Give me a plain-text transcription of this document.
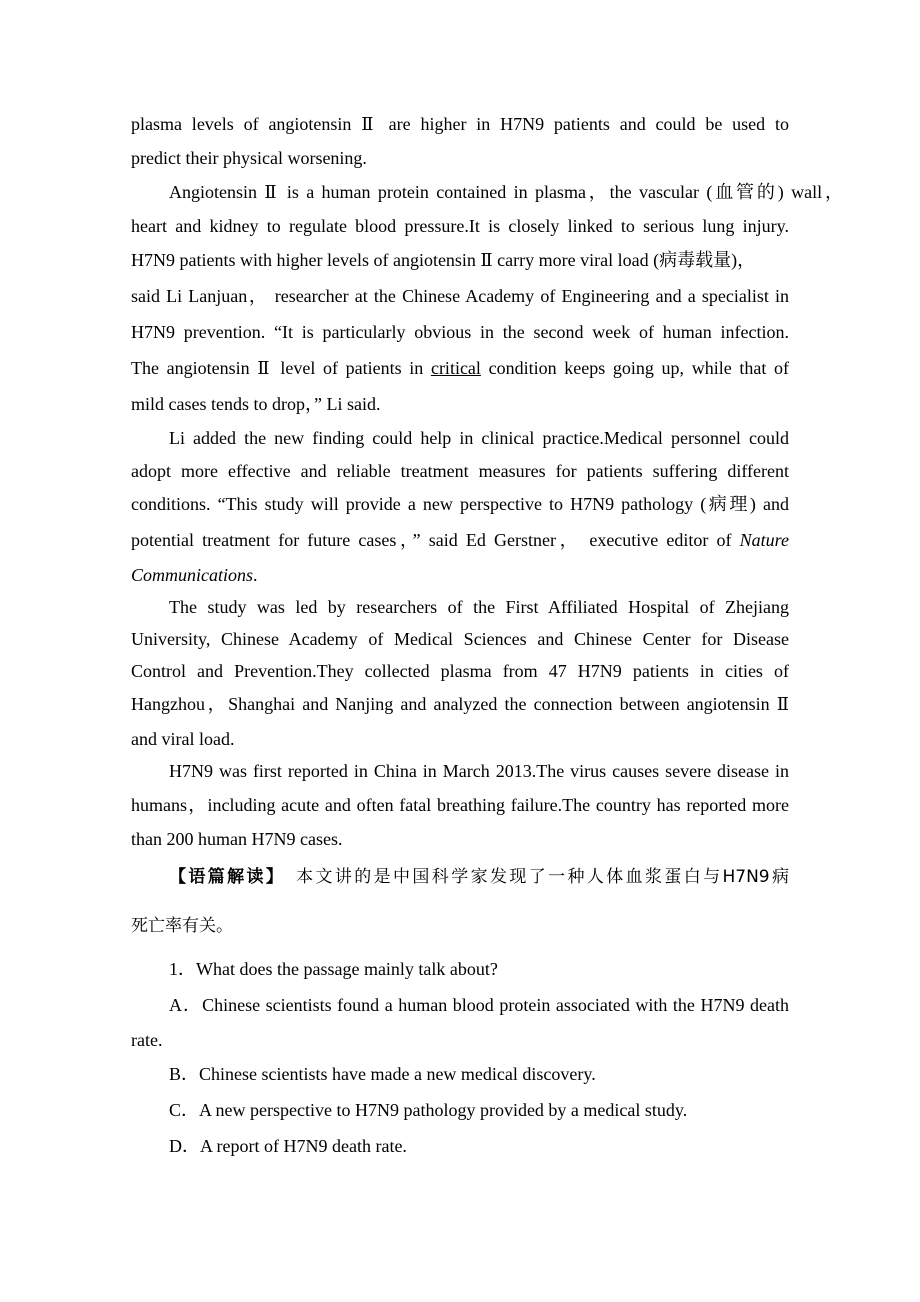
plasma levels of angiotensin Ⅱ are higher in H7N9 patients and could be used to
predict their physical worsening.
Angiotensin Ⅱ is a human protein contained in plasma，the vascular (血管的) wall，
heart and kidney to regulate blood pressure.It is closely linked to serious lung injury.
H7N9 patients with higher levels of angiotensin Ⅱ carry more viral load (病毒载量)，
said Li Lanjuan， researcher at the Chinese Academy of Engineering and a specialist in
H7N9 prevention. “It is particularly obvious in the second week of human infection.
The angiotensin Ⅱ level of patients in critical condition keeps going up, while that of
mild cases tends to drop，” Li said.
Li added the new finding could help in clinical practice.Medical personnel could
adopt more effective and reliable treatment measures for patients suffering different
conditions. “This study will provide a new perspective to H7N9 pathology (病理) and
potential treatment for future cases，” said Ed Gerstner， executive editor of Nature
Communications.
The study was led by researchers of the First Affiliated Hospital of Zhejiang
University, Chinese Academy of Medical Sciences and Chinese Center for Disease
Control and Prevention.They collected plasma from 47 H7N9 patients in cities of
Hangzhou，Shanghai and Nanjing and analyzed the connection between angiotensin Ⅱ
and viral load.
H7N9 was first reported in China in March 2013.The virus causes severe disease in
humans，including acute and often fatal breathing failure.The country has reported more
than 200 human H7N9 cases.
【语篇解读】　本文讲的是中国科学家发现了一种人体血浆蛋白与H7N9病
死亡率有关。
1．What does the passage mainly talk about?
A．Chinese scientists found a human blood protein associated with the H7N9 death
rate.
B．Chinese scientists have made a new medical discovery.
C．A new perspective to H7N9 pathology provided by a medical study.
D．A report of H7N9 death rate.
